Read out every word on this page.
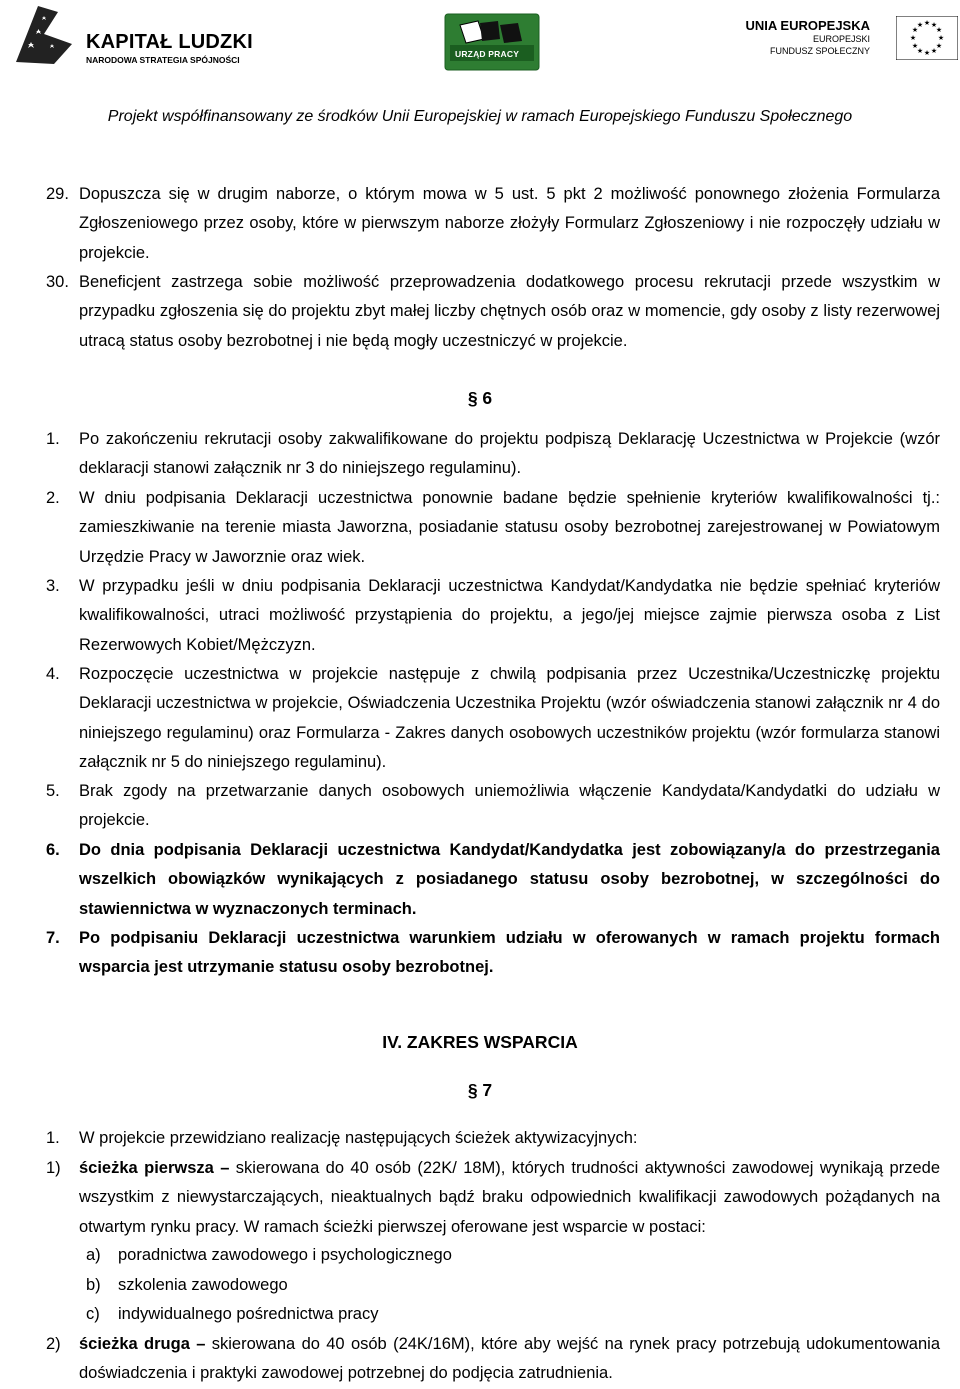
KAPITAŁ LUDZKI
NARODOWA STRATEGIA SPÓJNOŚCI
URZĄD PRACY
UNIA EUROPEJSKA
EUROPEJSKI
FUNDUSZ SPOŁECZNY
★ ★
★
★
★
★
★
★
★
★
★
★
Projekt współfinansowany ze środków Unii Europejskiej w ramach Europejskiego Funduszu Społecznego
29. Dopuszcza się w drugim naborze, o którym mowa w 5 ust. 5 pkt 2 możliwość ponownego złożenia Formularza Zgłoszeniowego przez osoby, które w pierwszym naborze złożyły Formularz Zgłoszeniowy i nie rozpoczęły udziału w projekcie.
30. Beneficjent zastrzega sobie możliwość przeprowadzenia dodatkowego procesu rekrutacji przede wszystkim w przypadku zgłoszenia się do projektu zbyt małej liczby chętnych osób oraz w momencie, gdy osoby z listy rezerwowej utracą status osoby bezrobotnej i nie będą mogły uczestniczyć w projekcie.
§ 6
1. Po zakończeniu rekrutacji osoby zakwalifikowane do projektu podpiszą Deklarację Uczestnictwa w Projekcie (wzór deklaracji stanowi załącznik nr 3 do niniejszego regulaminu).
2. W dniu podpisania Deklaracji uczestnictwa ponownie badane będzie spełnienie kryteriów kwalifikowalności tj.: zamieszkiwanie na terenie miasta Jaworzna, posiadanie statusu osoby bezrobotnej zarejestrowanej w Powiatowym Urzędzie Pracy w Jaworznie oraz wiek.
3. W przypadku jeśli w dniu podpisania Deklaracji uczestnictwa Kandydat/Kandydatka nie będzie spełniać kryteriów kwalifikowalności, utraci możliwość przystąpienia do projektu, a jego/jej miejsce zajmie pierwsza osoba z List Rezerwowych Kobiet/Mężczyzn.
4. Rozpoczęcie uczestnictwa w projekcie następuje z chwilą podpisania przez Uczestnika/Uczestniczkę projektu Deklaracji uczestnictwa w projekcie, Oświadczenia Uczestnika Projektu (wzór oświadczenia stanowi załącznik nr 4 do niniejszego regulaminu) oraz Formularza - Zakres danych osobowych uczestników projektu (wzór formularza stanowi załącznik nr 5 do niniejszego regulaminu).
5. Brak zgody na przetwarzanie danych osobowych uniemożliwia włączenie Kandydata/Kandydatki do udziału w projekcie.
6. Do dnia podpisania Deklaracji uczestnictwa Kandydat/Kandydatka jest zobowiązany/a do przestrzegania wszelkich obowiązków wynikających z posiadanego statusu osoby bezrobotnej, w szczególności do stawiennictwa w wyznaczonych terminach.
7. Po podpisaniu Deklaracji uczestnictwa warunkiem udziału w oferowanych w ramach projektu formach wsparcia jest utrzymanie statusu osoby bezrobotnej.
IV. ZAKRES WSPARCIA
§ 7
1. W projekcie przewidziano realizację następujących ścieżek aktywizacyjnych:
1) ścieżka pierwsza – skierowana do 40 osób (22K/ 18M), których trudności aktywności zawodowej wynikają przede wszystkim z niewystarczających, nieaktualnych bądź braku odpowiednich kwalifikacji zawodowych pożądanych na otwartym rynku pracy. W ramach ścieżki pierwszej oferowane jest wsparcie w postaci:
a) poradnictwa zawodowego i psychologicznego
b) szkolenia zawodowego
c) indywidualnego pośrednictwa pracy
2) ścieżka druga – skierowana do 40 osób (24K/16M), które aby wejść na rynek pracy potrzebują udokumentowania doświadczenia i praktyki zawodowej potrzebnej do podjęcia zatrudnienia.
